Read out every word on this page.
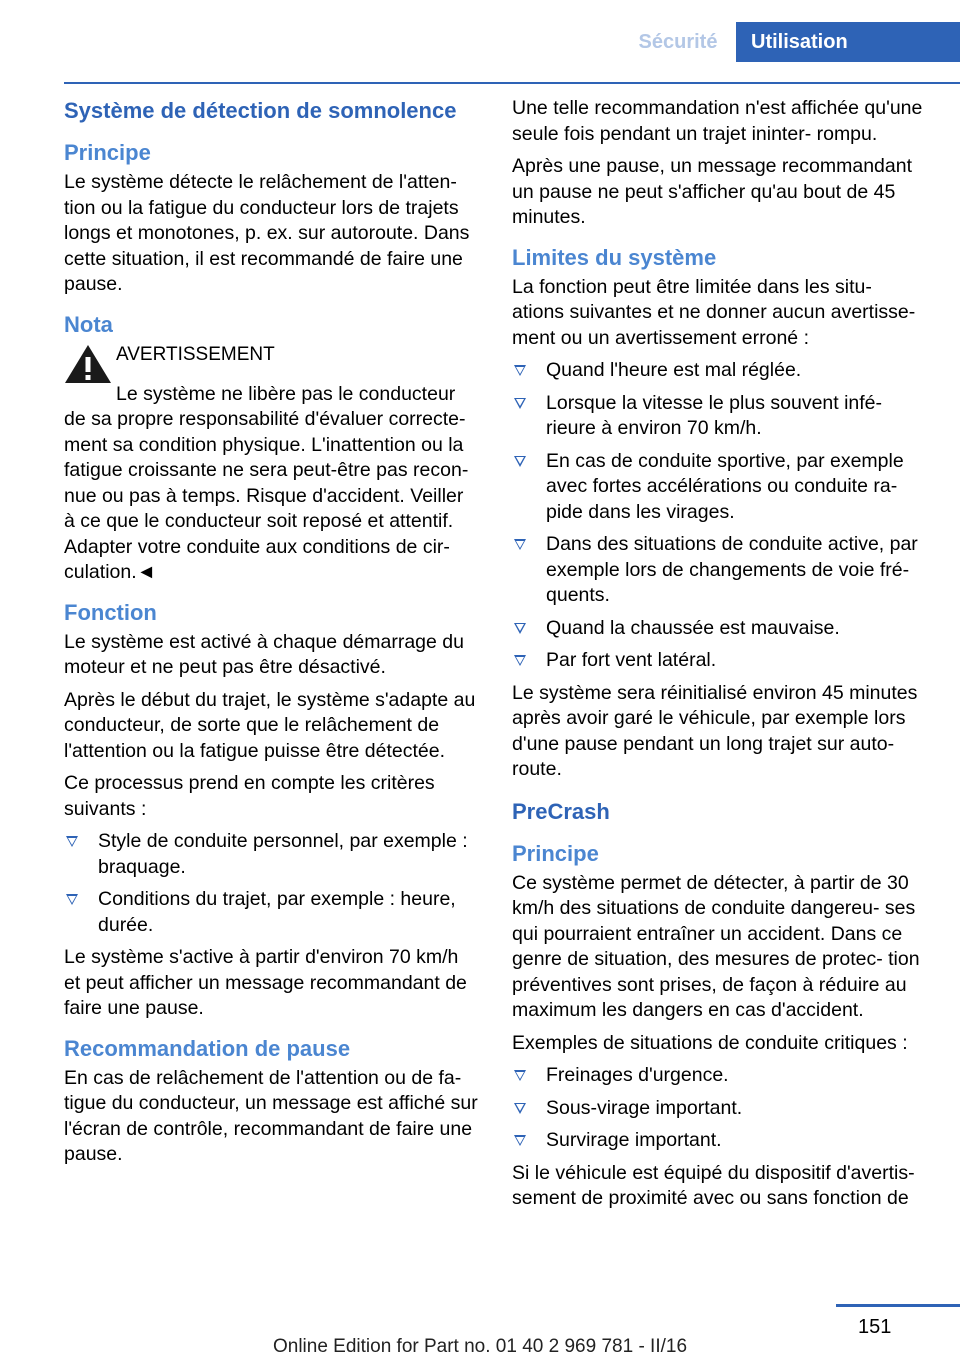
Sécurité	Utilisation
Système de détection de somnolence
Principe
Le système détecte le relâchement de l'atten- tion ou la fatigue du conducteur lors de trajets longs et monotones, p. ex. sur autoroute. Dans cette situation, il est recommandé de faire une pause.
Nota
AVERTISSEMENT
Le système ne libère pas le conducteur de sa propre responsabilité d'évaluer correcte- ment sa condition physique. L'inattention ou la fatigue croissante ne sera peut-être pas recon- nue ou pas à temps. Risque d'accident. Veiller à ce que le conducteur soit reposé et attentif. Adapter votre conduite aux conditions de cir- culation.◄
Fonction
Le système est activé à chaque démarrage du moteur et ne peut pas être désactivé.
Après le début du trajet, le système s'adapte au conducteur, de sorte que le relâchement de l'attention ou la fatigue puisse être détectée.
Ce processus prend en compte les critères suivants :
Style de conduite personnel, par exemple : braquage.
Conditions du trajet, par exemple : heure, durée.
Le système s'active à partir d'environ 70 km/h et peut afficher un message recommandant de faire une pause.
Recommandation de pause
En cas de relâchement de l'attention ou de fa- tigue du conducteur, un message est affiché sur l'écran de contrôle, recommandant de faire une pause.
Une telle recommandation n'est affichée qu'une seule fois pendant un trajet ininter- rompu.
Après une pause, un message recommandant un pause ne peut s'afficher qu'au bout de 45 minutes.
Limites du système
La fonction peut être limitée dans les situ- ations suivantes et ne donner aucun avertisse- ment ou un avertissement erroné :
Quand l'heure est mal réglée.
Lorsque la vitesse le plus souvent infé- rieure à environ 70 km/h.
En cas de conduite sportive, par exemple avec fortes accélérations ou conduite ra- pide dans les virages.
Dans des situations de conduite active, par exemple lors de changements de voie fré- quents.
Quand la chaussée est mauvaise.
Par fort vent latéral.
Le système sera réinitialisé environ 45 minutes après avoir garé le véhicule, par exemple lors d'une pause pendant un long trajet sur auto- route.
PreCrash
Principe
Ce système permet de détecter, à partir de 30 km/h des situations de conduite dangereu- ses qui pourraient entraîner un accident. Dans ce genre de situation, des mesures de protec- tion préventives sont prises, de façon à réduire au maximum les dangers en cas d'accident.
Exemples de situations de conduite critiques :
Freinages d'urgence.
Sous-virage important.
Survirage important.
Si le véhicule est équipé du dispositif d'avertis- sement de proximité avec ou sans fonction de
151
Online Edition for Part no. 01 40 2 969 781 - II/16
